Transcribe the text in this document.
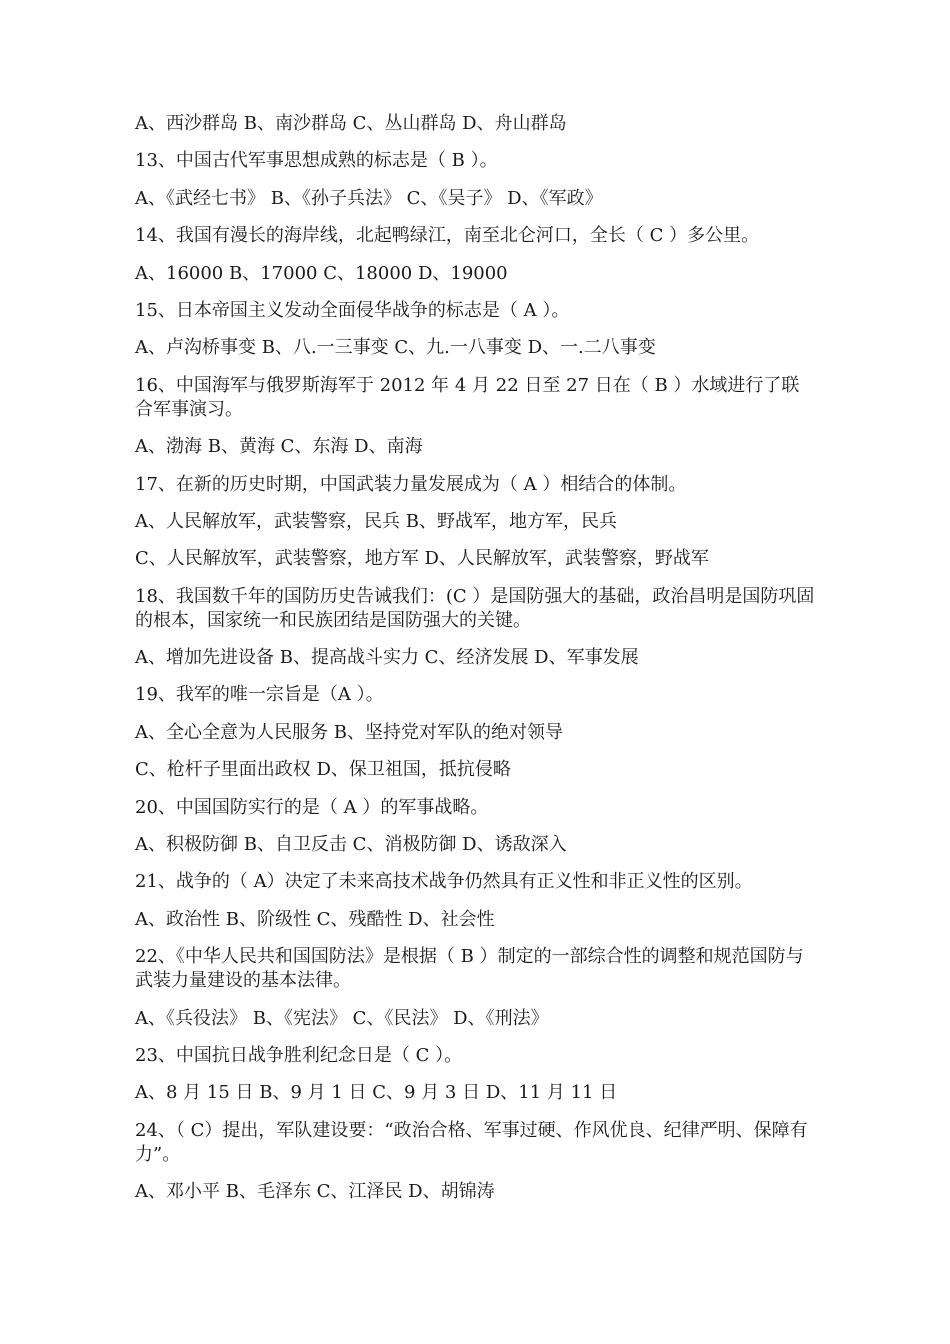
A、西沙群岛 B、南沙群岛 C、丛山群岛 D、舟山群岛

13、中国古代军事思想成熟的标志是（ B ）。

A、《武经七书》 B、《孙子兵法》 C、《吴子》 D、《军政》

14、我国有漫长的海岸线，北起鸭绿江，南至北仑河口，全长（ C ）多公里。

A、16000 B、17000 C、18000 D、19000

15、日本帝国主义发动全面侵华战争的标志是（ A ）。

A、卢沟桥事变 B、八.一三事变 C、九.一八事变 D、一.二八事变

16、中国海军与俄罗斯海军于 2012 年 4 月 22 日至 27 日在（ B ）水域进行了联合军事演习。

A、渤海 B、黄海 C、东海 D、南海

17、在新的历史时期，中国武装力量发展成为（ A ）相结合的体制。

A、人民解放军，武装警察，民兵 B、野战军，地方军，民兵

C、人民解放军，武装警察，地方军 D、人民解放军，武装警察，野战军

18、我国数千年的国防历史告诫我们：(C ）是国防强大的基础，政治昌明是国防巩固的根本，国家统一和民族团结是国防强大的关键。

A、增加先进设备 B、提高战斗实力 C、经济发展 D、军事发展

19、我军的唯一宗旨是（A ）。

A、全心全意为人民服务 B、坚持党对军队的绝对领导

C、枪杆子里面出政权 D、保卫祖国，抵抗侵略

20、中国国防实行的是（ A ）的军事战略。

A、积极防御 B、自卫反击 C、消极防御 D、诱敌深入

21、战争的（ A）决定了未来高技术战争仍然具有正义性和非正义性的区别。

A、政治性 B、阶级性 C、残酷性 D、社会性

22、《中华人民共和国国防法》是根据（ B ）制定的一部综合性的调整和规范国防与武装力量建设的基本法律。

A、《兵役法》 B、《宪法》 C、《民法》 D、《刑法》

23、中国抗日战争胜利纪念日是（ C ）。

A、8 月 15 日 B、9 月 1 日 C、9 月 3 日 D、11 月 11 日

24、（ C）提出，军队建设要：“政治合格、军事过硬、作风优良、纪律严明、保障有力”。

A、邓小平 B、毛泽东 C、江泽民 D、胡锦涛
